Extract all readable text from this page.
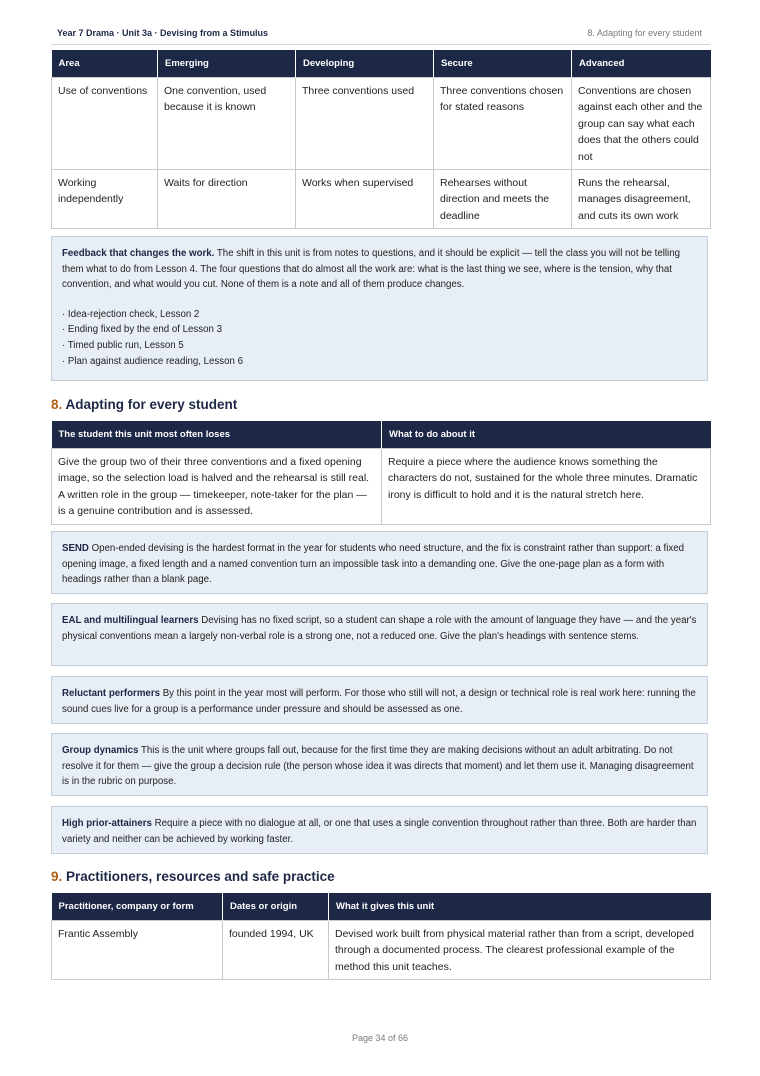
Year 7 Drama · Unit 3a · Devising from a Stimulus	8. Adapting for every student
Area	Emerging	Developing	Secure	Advanced
Use of conventions	One convention, used because it is known	Three conventions used	Three conventions chosen for stated reasons	Conventions are chosen against each other and the group can say what each does that the others could not
Working independently	Waits for direction	Works when supervised	Rehearses without direction and meets the deadline	Runs the rehearsal, manages disagreement, and cuts its own work

Feedback that changes the work. The shift in this unit is from notes to questions, and it should be explicit — tell the class you will not be telling them what to do from Lesson 4. The four questions that do almost all the work are: what is the last thing we see, where is the tension, why that convention, and what would you cut. None of them is a note and all of them produce changes.

· Idea-rejection check, Lesson 2
· Ending fixed by the end of Lesson 3
· Timed public run, Lesson 5
· Plan against audience reading, Lesson 6
8. Adapting for every student
The student this unit most often loses	What to do about it
Give the group two of their three conventions and a fixed opening image, so the selection load is halved and the rehearsal is still real. A written role in the group — timekeeper, note-taker for the plan — is a genuine contribution and is assessed.	Require a piece where the audience knows something the characters do not, sustained for the whole three minutes. Dramatic irony is difficult to hold and it is the natural stretch here.

SEND Open-ended devising is the hardest format in the year for students who need structure, and the fix is constraint rather than support: a fixed opening image, a fixed length and a named convention turn an impossible task into a demanding one. Give the one-page plan as a form with headings rather than a blank page.

EAL and multilingual learners Devising has no fixed script, so a student can shape a role with the amount of language they have — and the year's physical conventions mean a largely non-verbal role is a strong one, not a reduced one. Give the plan's headings with sentence stems.

Reluctant performers By this point in the year most will perform. For those who still will not, a design or technical role is real work here: running the sound cues live for a group is a performance under pressure and should be assessed as one.

Group dynamics This is the unit where groups fall out, because for the first time they are making decisions without an adult arbitrating. Do not resolve it for them — give the group a decision rule (the person whose idea it was directs that moment) and let them use it. Managing disagreement is in the rubric on purpose.

High prior-attainers Require a piece with no dialogue at all, or one that uses a single convention throughout rather than three. Both are harder than variety and neither can be achieved by working faster.

9. Practitioners, resources and safe practice
Practitioner, company or form	Dates or origin	What it gives this unit
Frantic Assembly	founded 1994, UK	Devised work built from physical material rather than from a script, developed through a documented process. The clearest professional example of the method this unit teaches.
Page 34 of 66
